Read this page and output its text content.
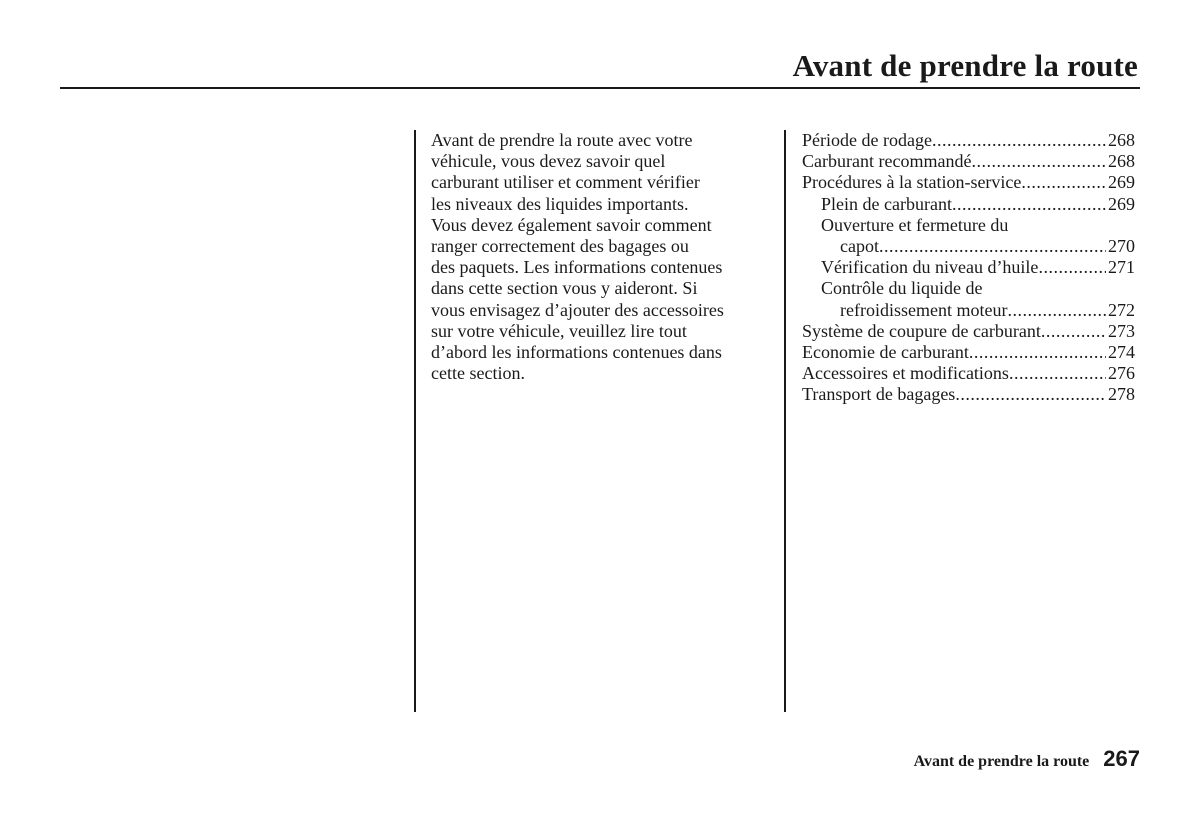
Avant de prendre la route
Avant de prendre la route avec votre
véhicule, vous devez savoir quel
carburant utiliser et comment vérifier
les niveaux des liquides importants.
Vous devez également savoir comment
ranger correctement des bagages ou
des paquets. Les informations contenues
dans cette section vous y aideront. Si
vous envisagez d’ajouter des accessoires
sur votre véhicule, veuillez lire tout
d’abord les informations contenues dans
cette section.
Période de rodage .....	268
Carburant recommandé .....	268
Procédures à la station-service .....	269
Plein de carburant .....	269
Ouverture et fermeture du
capot .....	270
Vérification du niveau d’huile .....	271
Contrôle du liquide de
refroidissement moteur .....	272
Système de coupure de carburant .....	273
Economie de carburant .....	274
Accessoires et modifications .....	276
Transport de bagages .....	278
Avant de prendre la route 267
